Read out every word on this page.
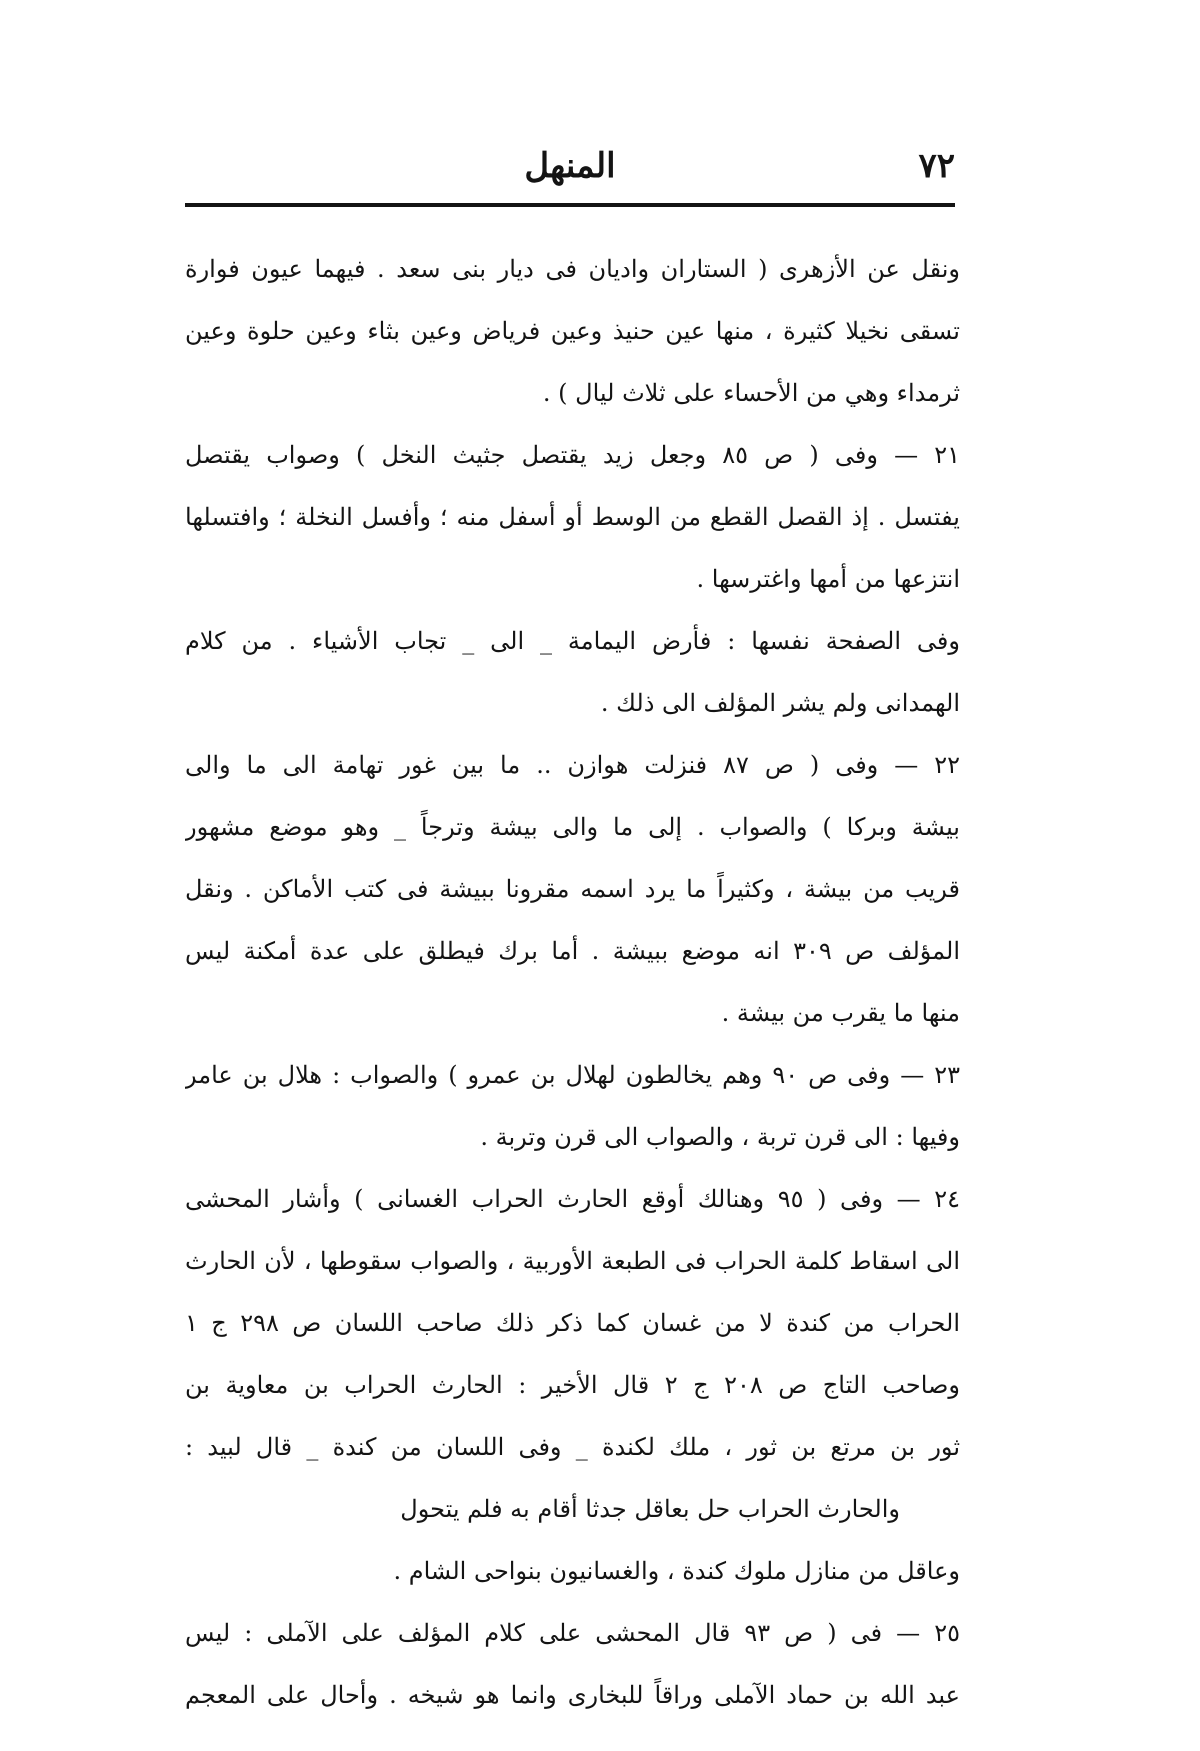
٧٢
المنهل
ونقل عن الأزهرى ( الستاران واديان فى ديار بنى سعد . فيهما عيون فوارة
تسقى نخيلا كثيرة ، منها عين حنيذ وعين فرياض وعين بثاء وعين حلوة وعين
ثرمداء وهي من الأحساء على ثلاث ليال ) .
٢١ — وفى ( ص ٨٥ وجعل زيد يقتصل جثيث النخل ) وصواب يقتصل
يفتسل . إذ القصل القطع من الوسط أو أسفل منه ؛ وأفسل النخلة ؛ وافتسلها
انتزعها من أمها واغترسها .
وفى الصفحة نفسها : فأرض اليمامة _ الى _ تجاب الأشياء . من كلام
الهمدانى ولم يشر المؤلف الى ذلك .
٢٢ — وفى ( ص ٨٧ فنزلت هوازن .. ما بين غور تهامة الى ما والى
بيشة وبركا ) والصواب . إلى ما والى بيشة وترجاً _ وهو موضع مشهور
قريب من بيشة ، وكثيراً ما يرد اسمه مقرونا ببيشة فى كتب الأماكن . ونقل
المؤلف ص ٣٠٩ انه موضع ببيشة . أما برك فيطلق على عدة أمكنة ليس
منها ما يقرب من بيشة .
٢٣ — وفى ص ٩٠ وهم يخالطون لهلال بن عمرو ) والصواب : هلال بن عامر
وفيها : الى قرن تربة ، والصواب الى قرن وتربة .
٢٤ — وفى ( ٩٥ وهنالك أوقع الحارث الحراب الغسانى ) وأشار المحشى
الى اسقاط كلمة الحراب فى الطبعة الأوربية ، والصواب سقوطها ، لأن الحارث
الحراب من كندة لا من غسان كما ذكر ذلك صاحب اللسان ص ٢٩٨ ج ١
وصاحب التاج ص ٢٠٨ ج ٢ قال الأخير : الحارث الحراب بن معاوية بن
ثور بن مرتع بن ثور ، ملك لكندة _ وفى اللسان من كندة _ قال لبيد :
والحارث الحراب حل بعاقل جدثا أقام به فلم يتحول
وعاقل من منازل ملوك كندة ، والغسانيون بنواحى الشام .
٢٥ — فى ( ص ٩٣ قال المحشى على كلام المؤلف على الآملى : ليس
عبد الله بن حماد الآملى وراقاً للبخارى وانما هو شيخه . وأحال على المعجم
